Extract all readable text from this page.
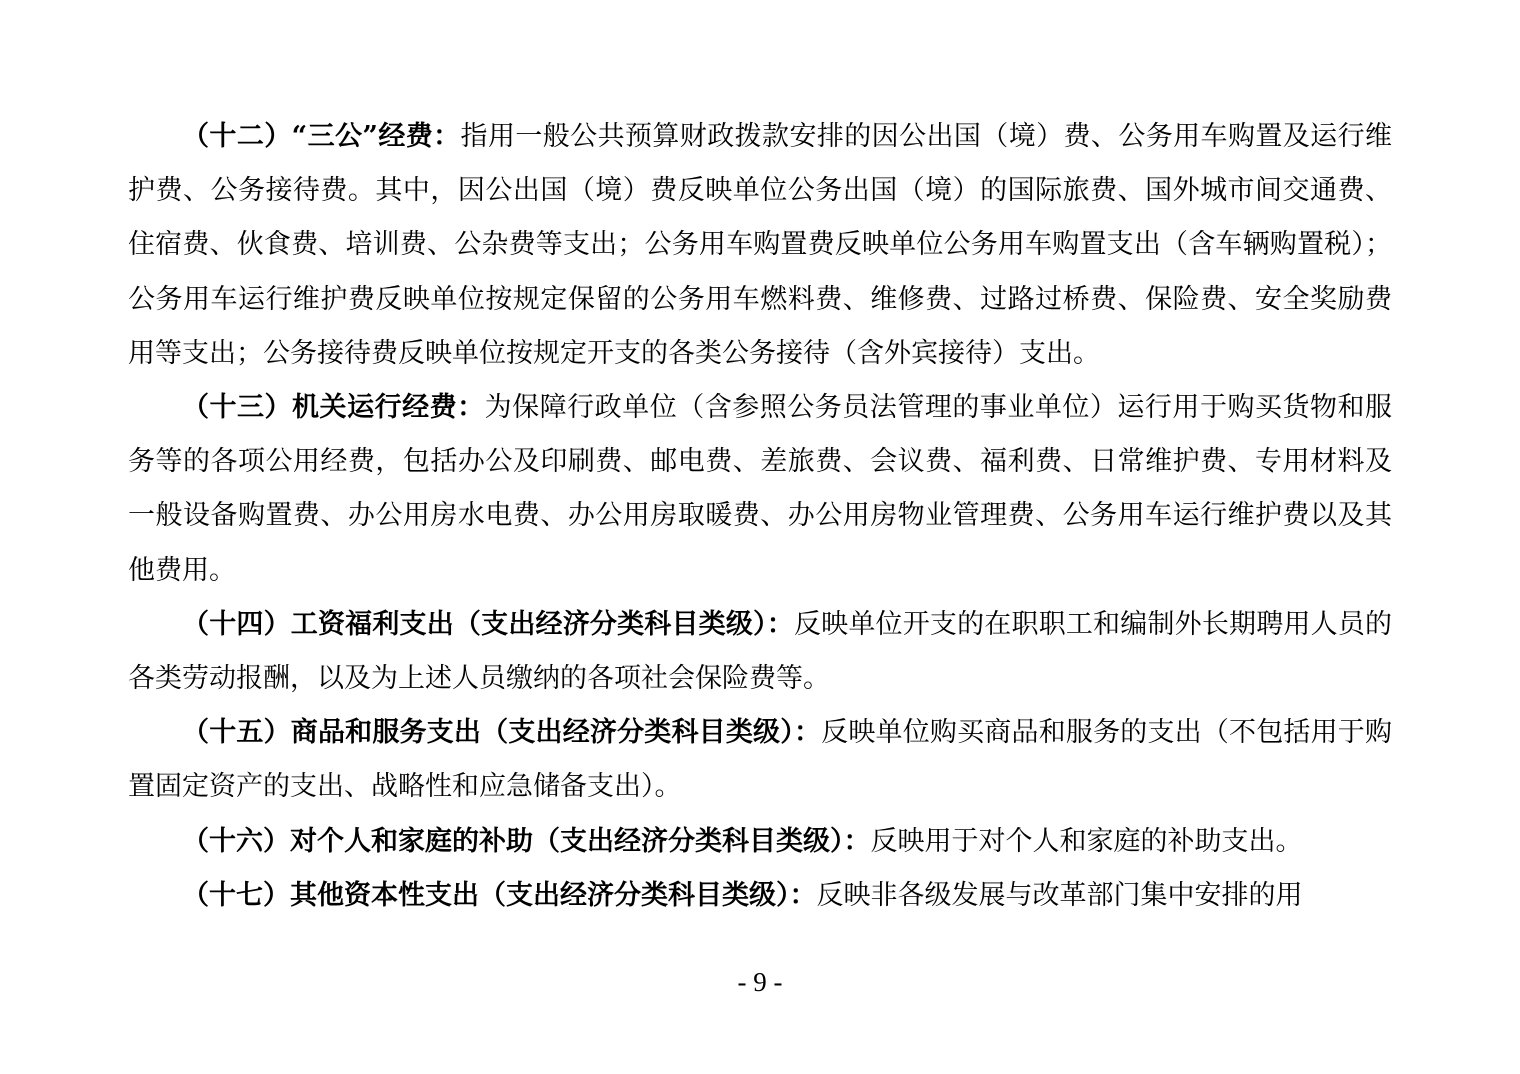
（十二）“三公”经费：指用一般公共预算财政拨款安排的因公出国（境）费、公务用车购置及运行维护费、公务接待费。其中，因公出国（境）费反映单位公务出国（境）的国际旅费、国外城市间交通费、住宿费、伙食费、培训费、公杂费等支出；公务用车购置费反映单位公务用车购置支出（含车辆购置税）；公务用车运行维护费反映单位按规定保留的公务用车燃料费、维修费、过路过桥费、保险费、安全奖励费用等支出；公务接待费反映单位按规定开支的各类公务接待（含外宾接待）支出。

（十三）机关运行经费：为保障行政单位（含参照公务员法管理的事业单位）运行用于购买货物和服务等的各项公用经费，包括办公及印刷费、邮电费、差旅费、会议费、福利费、日常维护费、专用材料及一般设备购置费、办公用房水电费、办公用房取暖费、办公用房物业管理费、公务用车运行维护费以及其他费用。

（十四）工资福利支出（支出经济分类科目类级）：反映单位开支的在职职工和编制外长期聘用人员的各类劳动报酬，以及为上述人员缴纳的各项社会保险费等。

（十五）商品和服务支出（支出经济分类科目类级）：反映单位购买商品和服务的支出（不包括用于购置固定资产的支出、战略性和应急储备支出）。

（十六）对个人和家庭的补助（支出经济分类科目类级）：反映用于对个人和家庭的补助支出。

（十七）其他资本性支出（支出经济分类科目类级）：反映非各级发展与改革部门集中安排的用

- 9 -
